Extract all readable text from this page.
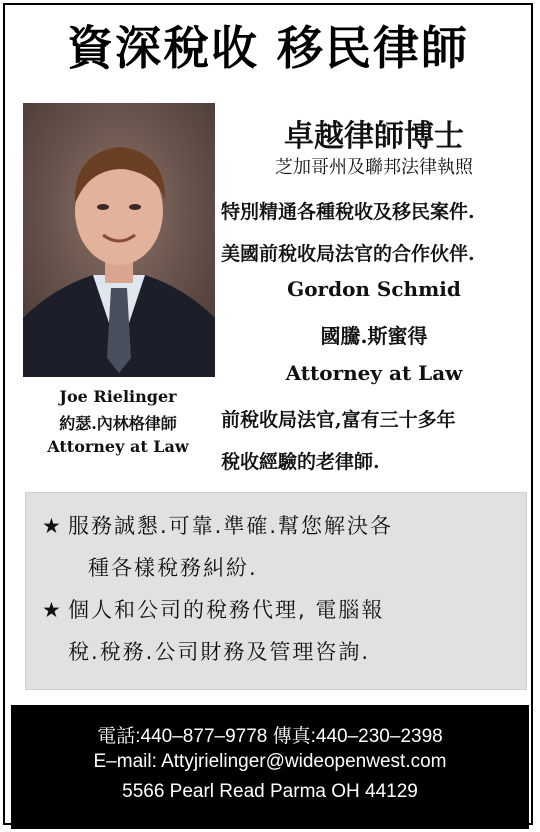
資深稅收 移民律師
Joe Rielinger
約瑟.內林格律師
Attorney at Law
卓越律師博士
芝加哥州及聯邦法律執照
特別精通各種稅收及移民案件.
美國前稅收局法官的合作伙伴.
Gordon Schmid
國騰.斯蜜得
Attorney at Law
前稅收局法官,富有三十多年
稅收經驗的老律師.
★ 服務誠懇.可靠.準確.幫您解決各
種各樣稅務糾紛.
★ 個人和公司的稅務代理, 電腦報
稅.稅務.公司財務及管理咨詢.
電話:440–877–9778 傳真:440–230–2398
E–mail: Attyjrielinger@wideopenwest.com
5566 Pearl Read Parma OH 44129
